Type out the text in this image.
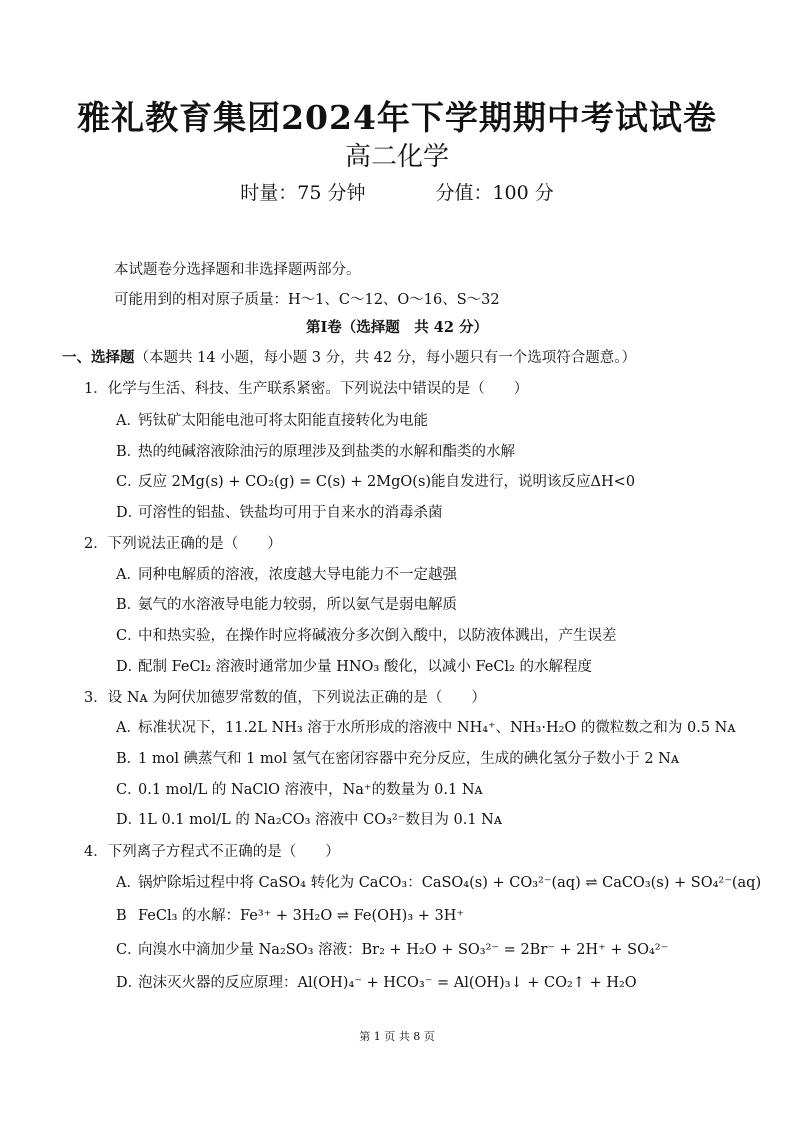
雅礼教育集团2024年下学期期中考试试卷
高二化学
时量：75 分钟	分值：100 分
本试题卷分选择题和非选择题两部分。
可能用到的相对原子质量：H～1、C～12、O～16、S～32
第Ⅰ卷（选择题　共 42 分）
一、选择题（本题共 14 小题，每小题 3 分，共 42 分，每小题只有一个选项符合题意。）
1．化学与生活、科技、生产联系紧密。下列说法中错误的是（　　）
A．钙钛矿太阳能电池可将太阳能直接转化为电能
B．热的纯碱溶液除油污的原理涉及到盐类的水解和酯类的水解
C．反应 2Mg(s) + CO₂(g) = C(s) + 2MgO(s)能自发进行，说明该反应ΔH<0
D．可溶性的铝盐、铁盐均可用于自来水的消毒杀菌
2．下列说法正确的是（　　）
A．同种电解质的溶液，浓度越大导电能力不一定越强
B．氨气的水溶液导电能力较弱，所以氨气是弱电解质
C．中和热实验，在操作时应将碱液分多次倒入酸中，以防液体溅出，产生误差
D．配制 FeCl₂ 溶液时通常加少量 HNO₃ 酸化，以减小 FeCl₂ 的水解程度
3．设 Nᴀ 为阿伏加德罗常数的值，下列说法正确的是（　　）
A．标准状况下，11.2L NH₃ 溶于水所形成的溶液中 NH₄⁺、NH₃·H₂O 的微粒数之和为 0.5 Nᴀ
B．1 mol 碘蒸气和 1 mol 氢气在密闭容器中充分反应，生成的碘化氢分子数小于 2 Nᴀ
C．0.1 mol/L 的 NaClO 溶液中，Na⁺的数量为 0.1 Nᴀ
D．1L 0.1 mol/L 的 Na₂CO₃ 溶液中 CO₃²⁻数目为 0.1 Nᴀ
4．下列离子方程式不正确的是（　　）
A．锅炉除垢过程中将 CaSO₄ 转化为 CaCO₃：CaSO₄(s) + CO₃²⁻(aq) ⇌ CaCO₃(s) + SO₄²⁻(aq)
B　FeCl₃ 的水解：Fe³⁺ + 3H₂O ⇌ Fe(OH)₃ + 3H⁺
C．向溴水中滴加少量 Na₂SO₃ 溶液：Br₂ + H₂O + SO₃²⁻ = 2Br⁻ + 2H⁺ + SO₄²⁻
D．泡沫灭火器的反应原理：Al(OH)₄⁻ + HCO₃⁻ = Al(OH)₃↓ + CO₂↑ + H₂O
第 1 页 共 8 页
